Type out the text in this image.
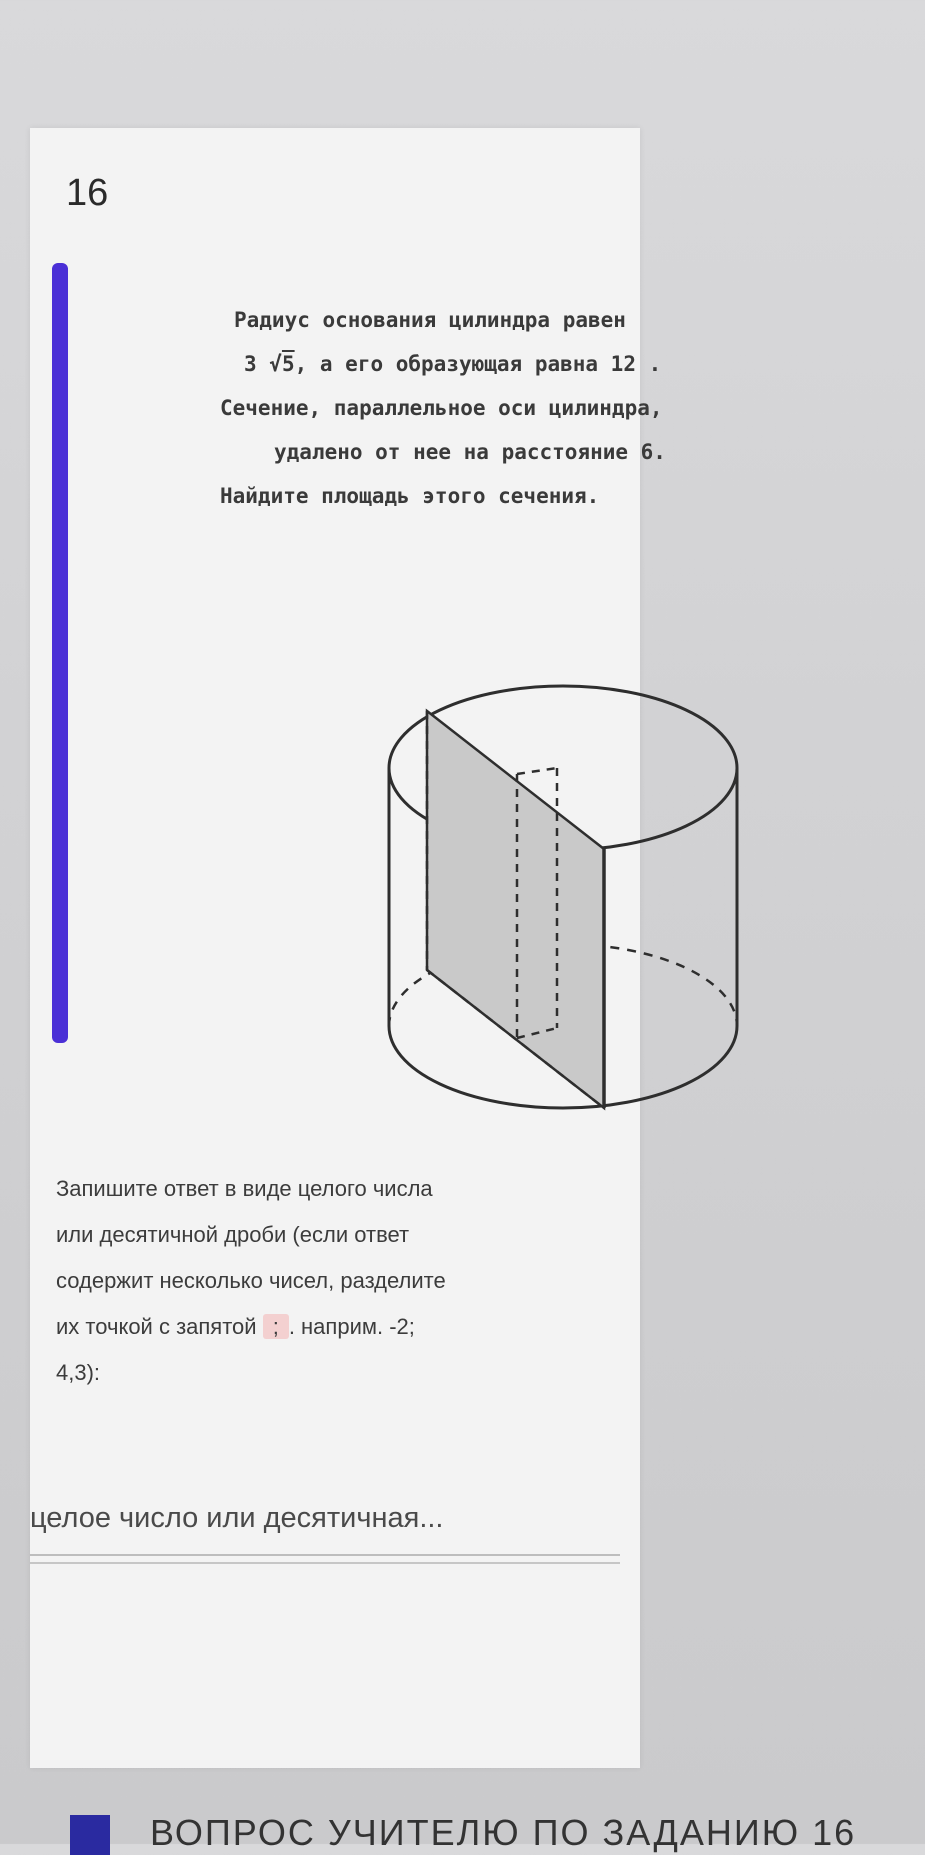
16
Радиус основания цилиндра равен
3 √5, а его образующая равна 12 .
Сечение, параллельное оси цилиндра,
удалено от нее на расстояние 6.
Найдите площадь этого сечения.
Запишите ответ в виде целого числа
или десятичной дроби (если ответ
содержит несколько чисел, разделите
их точкой с запятой ; . наприм. -2;
4,3):
целое число или десятичная...
ВОПРОС УЧИТЕЛЮ ПО ЗАДАНИЮ 16
